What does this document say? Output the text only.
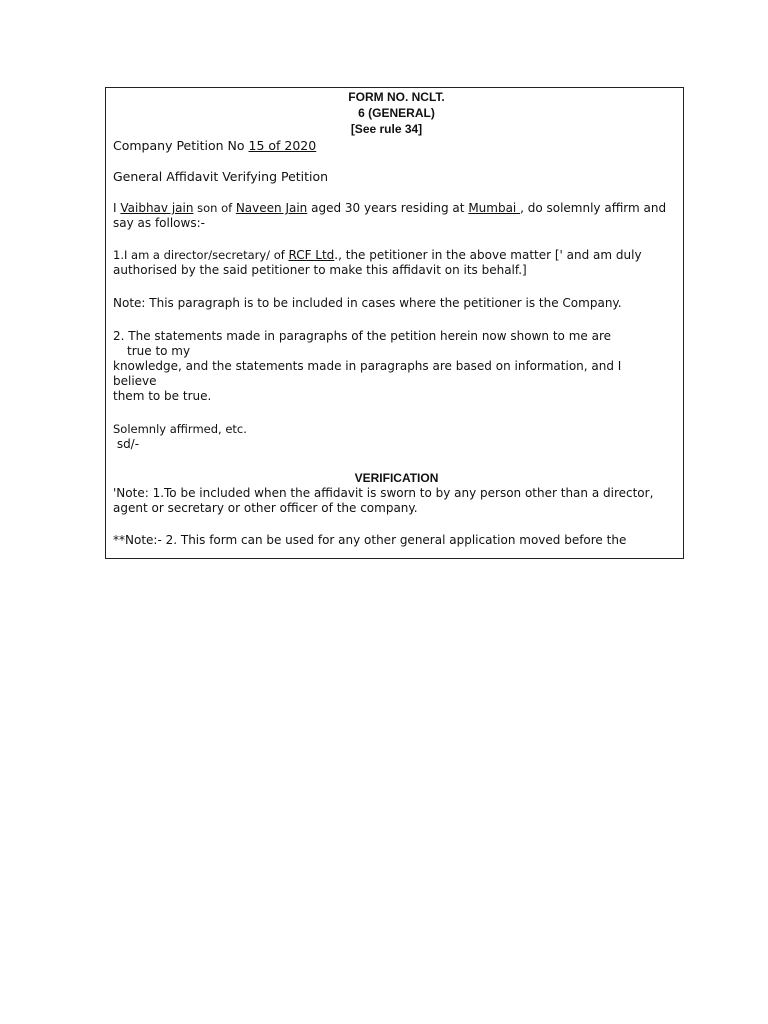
FORM NO. NCLT.
6 (GENERAL)
[See rule 34]

Company Petition No 15 of 2020

General Affidavit Verifying Petition

I Vaibhav jain son of Naveen Jain aged 30 years residing at Mumbai , do solemnly affirm and

say as follows:-

1.I am a director/secretary/ of RCF Ltd., the petitioner in the above matter [' and am duly

authorised by the said petitioner to make this affidavit on its behalf.]

Note: This paragraph is to be included in cases where the petitioner is the Company.

2. The statements made in paragraphs of the petition herein now shown to me are

true to my

knowledge, and the statements made in paragraphs are based on information, and I

believe

them to be true.

Solemnly affirmed, etc.

sd/-

VERIFICATION

'Note: 1.To be included when the affidavit is sworn to by any person other than a director,

agent or secretary or other officer of the company.

**Note:- 2. This form can be used for any other general application moved before the
